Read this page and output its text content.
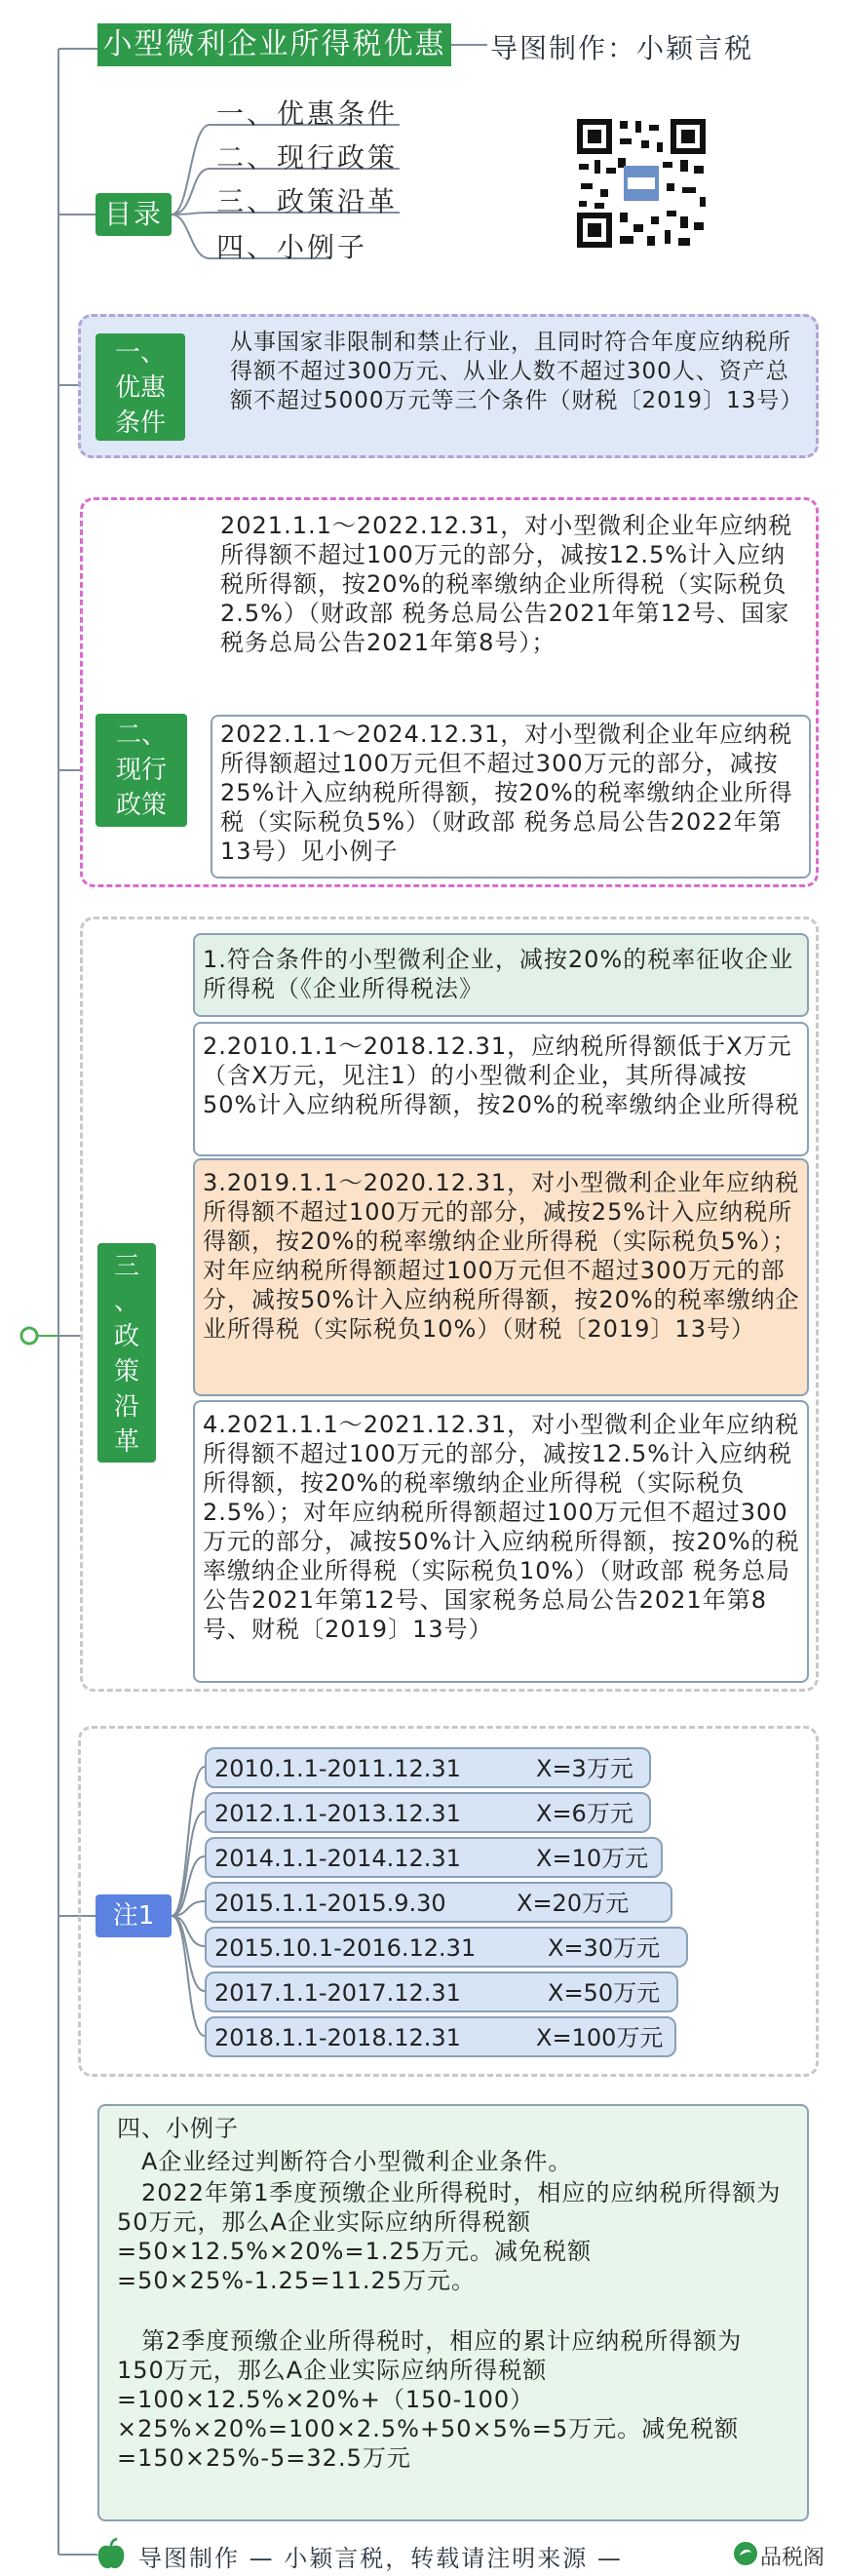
小型微利企业所得税优惠 导图制作：小颖言税
目录
一、优惠条件
二、现行政策
三、政策沿革
四、小例子
一、
优惠
条件
从事国家非限制和禁止行业，且同时符合年度应纳税所得额不超过300万元、从业人数不超过300人、资产总额不超过5000万元等三个条件（财税〔2019〕13号）
二、
现行
政策
2021.1.1～2022.12.31，对小型微利企业年应纳税所得额不超过100万元的部分，减按12.5%计入应纳税所得额，按20%的税率缴纳企业所得税（实际税负2.5%）（财政部 税务总局公告2021年第12号、国家税务总局公告2021年第8号）；
2022.1.1～2024.12.31，对小型微利企业年应纳税所得额超过100万元但不超过300万元的部分，减按25%计入应纳税所得额，按20%的税率缴纳企业所得税（实际税负5%）（财政部 税务总局公告2022年第13号）见小例子
三
、
政
策
沿
革
1.符合条件的小型微利企业，减按20%的税率征收企业所得税（《企业所得税法》
2.2010.1.1～2018.12.31，应纳税所得额低于X万元（含X万元，见注1）的小型微利企业，其所得减按50%计入应纳税所得额，按20%的税率缴纳企业所得税
3.2019.1.1～2020.12.31，对小型微利企业年应纳税所得额不超过100万元的部分，减按25%计入应纳税所得额，按20%的税率缴纳企业所得税（实际税负5%）；对年应纳税所得额超过100万元但不超过300万元的部分，减按50%计入应纳税所得额，按20%的税率缴纳企业所得税（实际税负10%）（财税〔2019〕13号）
4.2021.1.1～2021.12.31，对小型微利企业年应纳税所得额不超过100万元的部分，减按12.5%计入应纳税所得额，按20%的税率缴纳企业所得税（实际税负2.5%）；对年应纳税所得额超过100万元但不超过300万元的部分，减按50%计入应纳税所得额，按20%的税率缴纳企业所得税（实际税负10%）（财政部 税务总局公告2021年第12号、国家税务总局公告2021年第8号、财税〔2019〕13号）
注1
2010.1.1-2011.12.31	X=3万元
2012.1.1-2013.12.31	X=6万元
2014.1.1-2014.12.31	X=10万元
2015.1.1-2015.9.30	X=20万元
2015.10.1-2016.12.31	X=30万元
2017.1.1-2017.12.31	X=50万元
2018.1.1-2018.12.31	X=100万元
四、小例子
　A企业经过判断符合小型微利企业条件。
　2022年第1季度预缴企业所得税时，相应的应纳税所得额为50万元，那么A企业实际应纳所得税额=50×12.5%×20%=1.25万元。减免税额=50×25%-1.25=11.25万元。
　第2季度预缴企业所得税时，相应的累计应纳税所得额为150万元，那么A企业实际应纳所得税额=100×12.5%×20%+（150-100）×25%×20%=100×2.5%+50×5%=5万元。减免税额=150×25%-5=32.5万元
导图制作 — 小颖言税，转载请注明来源 —	品税阁
